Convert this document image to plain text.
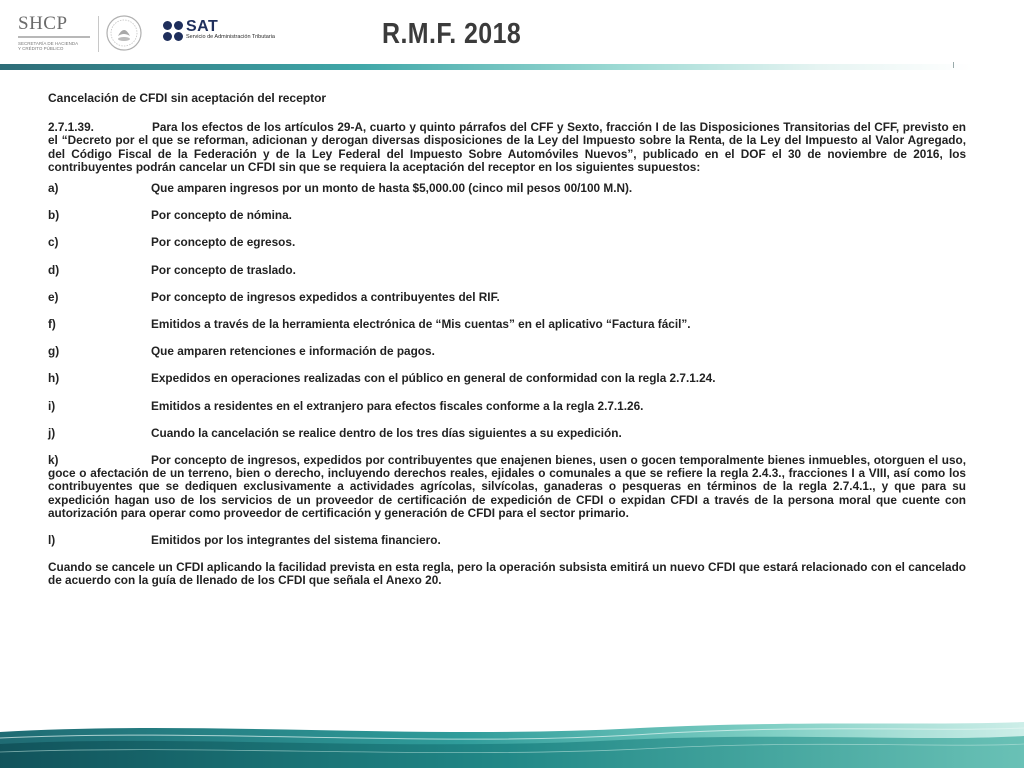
SHCP
SECRETARÍA DE HACIENDA
Y CRÉDITO PÚBLICO
SAT
Servicio de Administración Tributaria	R.M.F. 2018

Cancelación de CFDI sin aceptación del receptor

2.7.1.39.	Para los efectos de los artículos 29-A, cuarto y quinto párrafos del CFF y Sexto, fracción I de las Disposiciones Transitorias del CFF, previsto en el “Decreto por el que se reforman, adicionan y derogan diversas disposiciones de la Ley del Impuesto sobre la Renta, de la Ley del Impuesto al Valor Agregado, del Código Fiscal de la Federación y de la Ley Federal del Impuesto Sobre Automóviles Nuevos”, publicado en el DOF el 30 de noviembre de 2016, los contribuyentes podrán cancelar un CFDI sin que se requiera la aceptación del receptor en los siguientes supuestos:

a)	Que amparen ingresos por un monto de hasta $5,000.00 (cinco mil pesos 00/100 M.N).
b)	Por concepto de nómina.
c)	Por concepto de egresos.
d)	Por concepto de traslado.
e)	Por concepto de ingresos expedidos a contribuyentes del RIF.
f)	Emitidos a través de la herramienta electrónica de “Mis cuentas” en el aplicativo “Factura fácil”.
g)	Que amparen retenciones e información de pagos.
h)	Expedidos en operaciones realizadas con el público en general de conformidad con la regla 2.7.1.24.
i)	Emitidos a residentes en el extranjero para efectos fiscales conforme a la regla 2.7.1.26.
j)	Cuando la cancelación se realice dentro de los tres días siguientes a su expedición.

k)	Por concepto de ingresos, expedidos por contribuyentes que enajenen bienes, usen o gocen temporalmente bienes inmuebles, otorguen el uso, goce o afectación de un terreno, bien o derecho, incluyendo derechos reales, ejidales o comunales a que se refiere la regla 2.4.3., fracciones I a VIII, así como los contribuyentes que se dediquen exclusivamente a actividades agrícolas, silvícolas, ganaderas o pesqueras en términos de la regla 2.7.4.1., y que para su expedición hagan uso de los servicios de un proveedor de certificación de expedición de CFDI o expidan CFDI a través de la persona moral que cuente con autorización para operar como proveedor de certificación y generación de CFDI para el sector primario.

l)	Emitidos por los integrantes del sistema financiero.

Cuando se cancele un CFDI aplicando la facilidad prevista en esta regla, pero la operación subsista emitirá un nuevo CFDI que estará relacionado con el cancelado de acuerdo con la guía de llenado de los CFDI que señala el Anexo 20.
